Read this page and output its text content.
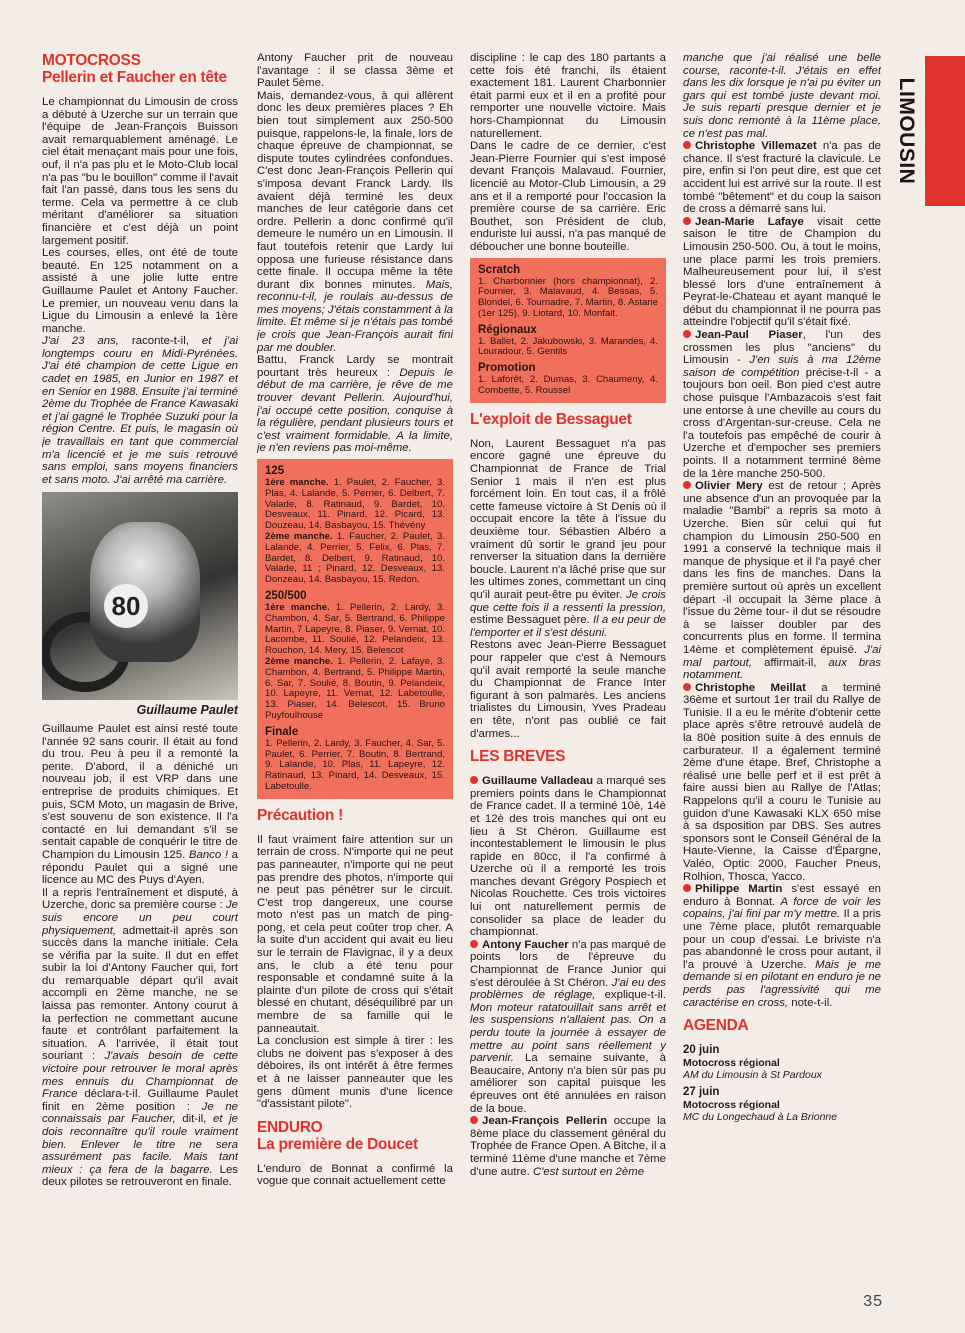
MOTOCROSS
Pellerin et Faucher en tête

Le championnat du Limousin de cross a débuté à Uzerche sur un terrain que l'équipe de Jean-François Buisson avait remarquablement aménagé. Le ciel était menaçant mais pour une fois, ouf, il n'a pas plu et le Moto-Club local n'a pas "bu le bouillon" comme il l'avait fait l'an passé, dans tous les sens du terme. Cela va permettre à ce club méritant d'améliorer sa situation financière et c'est déjà un point largement positif.

Les courses, elles, ont été de toute beauté. En 125 notamment on a assisté à une jolie lutte entre Guillaume Paulet et Antony Faucher. Le premier, un nouveau venu dans la Ligue du Limousin a enlevé la 1ère manche.

J'ai 23 ans, raconte-t-il, et j'ai longtemps couru en Midi-Pyrénées. J'ai été champion de cette Ligue en cadet en 1985, en Junior en 1987 et en Senior en 1988. Ensuite j'ai terminé 2ème du Trophée de France Kawasaki et j'ai gagné le Trophée Suzuki pour la région Centre. Et puis, le magasin où je travaillais en tant que commercial m'a licencié et je me suis retrouvé sans emploi, sans moyens financiers et sans moto. J'ai arrêté ma carrière.

80
Guillaume Paulet

Guillaume Paulet est ainsi resté toute l'année 92 sans courir. Il était au fond du trou. Peu à peu il a remonté la pente. D'abord, il a déniché un nouveau job, il est VRP dans une entreprise de produits chimiques. Et puis, SCM Moto, un magasin de Brive, s'est souvenu de son existence. Il l'a contacté en lui demandant s'il se sentait capable de conquérir le titre de Champion du Limousin 125. Banco ! a répondu Paulet qui a signé une licence au MC des Puys d'Ayen.

Il a repris l'entraînement et disputé, à Uzerche, donc sa première course : Je suis encore un peu court physiquement, admettait-il après son succès dans la manche initiale. Cela se vérifia par la suite. Il dut en effet subir la loi d'Antony Faucher qui, fort du remarquable départ qu'il avait accompli en 2ème manche, ne se laissa pas remonter. Antony courut à la perfection ne commettant aucune faute et contrôlant parfaitement la situation. A l'arrivée, il était tout souriant : J'avais besoin de cette victoire pour retrouver le moral après mes ennuis du Championnat de France déclara-t-il. Guillaume Paulet finit en 2ème position : Je ne connaissais par Faucher, dit-il, et je dois reconnaître qu'il roule vraiment bien. Enlever le titre ne sera assurément pas facile. Mais tant mieux : ça fera de la bagarre. Les deux pilotes se retrouveront en finale.

Antony Faucher prit de nouveau l'avantage : il se classa 3ème et Paulet 5ème.

Mais, demandez-vous, à qui allèrent donc les deux premières places ? Eh bien tout simplement aux 250-500 puisque, rappelons-le, la finale, lors de chaque épreuve de championnat, se dispute toutes cylindrées confondues. C'est donc Jean-François Pellerin qui s'imposa devant Franck Lardy. Ils avaient déjà terminé les deux manches de leur catégorie dans cet ordre. Pellerin a donc confirmé qu'il demeure le numéro un en Limousin. Il faut toutefois retenir que Lardy lui opposa une furieuse résistance dans cette finale. Il occupa même la tête durant dix bonnes minutes. Mais, reconnu-t-il, je roulais au-dessus de mes moyens; J'étais constamment à la limite. Et même si je n'étais pas tombé je crois que Jean-François aurait fini par me doubler.

Battu, Franck Lardy se montrait pourtant très heureux : Depuis le début de ma carrière, je rêve de me trouver devant Pellerin. Aujourd'hui, j'ai occupé cette position, conquise à la régulière, pendant plusieurs tours et c'est vraiment formidable. A la limite, je n'en reviens pas moi-même.

125
1ère manche. 1. Paulet, 2. Faucher, 3. Plas, 4. Lalande, 5. Perrier, 6. Delbert, 7. Valade, 8. Ratinaud, 9. Bardet, 10. Desveaux, 11. Pinard, 12. Picard, 13. Douzeau, 14. Basbayou, 15. Thévény
2ème manche. 1. Faucher, 2. Paulet, 3. Lalande, 4. Perrier, 5. Felix, 6. Plas, 7. Bardet, 8. Delbert, 9. Ratinaud, 10. Valade, 11 ; Pinard, 12. Desveaux, 13. Donzeau, 14. Basbayou, 15. Redon.
250/500
1ère manche. 1. Pellerin, 2. Lardy, 3. Chambon, 4. Sar, 5. Bertrand, 6. Philippe Martin, 7 Lapeyre, 8. Piaser, 9. Vernat, 10. Lacombe, 11. Soulié, 12. Pelandeix, 13. Rouchon, 14. Mery, 15. Belescot
2ème manche. 1. Pellerin, 2. Lafaye, 3. Chambon, 4. Bertrand, 5. Philippe Martin, 6. Sar, 7. Soulié, 8. Boutin, 9. Pelandeix, 10. Lapeyre, 11. Vernat, 12. Labetoulle, 13. Piaser, 14. Belescot, 15. Bruno Puyfoulhouse
Finale
1. Pellerin, 2. Lardy, 3. Faucher, 4. Sar, 5. Paulet, 6. Perrier, 7. Boutin, 8. Bertrand, 9. Lalande, 10. Plas, 11. Lapeyre, 12. Ratinaud, 13. Pinard, 14. Desveaux, 15. Labetoulle.
Précaution !

Il faut vraiment faire attention sur un terrain de cross. N'importe qui ne peut pas panneauter, n'importe qui ne peut pas prendre des photos, n'importe qui ne peut pas pénétrer sur le circuit. C'est trop dangereux, une course moto n'est pas un match de ping-pong, et cela peut coûter trop cher. A la suite d'un accident qui avait eu lieu sur le terrain de Flavignac, il y a deux ans, le club a été tenu pour responsable et condamné suite à la plainte d'un pilote de cross qui s'était blessé en chutant, déséquilibré par un membre de sa famille qui le panneautait.

La conclusion est simple à tirer : les clubs ne doivent pas s'exposer à des déboires, ils ont intérêt à être fermes et à ne laisser panneauter que les gens dûment munis d'une licence "d'assistant pilote".

ENDURO
La première de Doucet

L'enduro de Bonnat a confirmé la vogue que connait actuellement cette

discipline : le cap des 180 partants a cette fois été franchi, ils étaient exactement 181. Laurent Charbonnier était parmi eux et il en a profité pour remporter une nouvelle victoire. Mais hors-Championnat du Limousin naturellement.

Dans le cadre de ce dernier, c'est Jean-Pierre Fournier qui s'est imposé devant François Malavaud. Fournier, licencié au Motor-Club Limousin, a 29 ans et il a remporté pour l'occasion la première course de sa carrière. Eric Bouthet, son Président de club, enduriste lui aussi, n'a pas manqué de déboucher une bonne bouteille.

Scratch
1. Charbonnier (hors championnat), 2. Fournier, 3. Malavaud, 4. Bessas, 5. Blondel, 6. Tournadre, 7. Martin, 8. Astarie (1er 125), 9. Liotard, 10. Monfait.
Régionaux
1. Ballet, 2. Jakubowski, 3. Marandes, 4. Louradour, 5. Gentils
Promotion
1. Laforêt, 2. Dumas, 3. Chaumeny, 4. Combette, 5. Roussel
L'exploit de Bessaguet

Non, Laurent Bessaguet n'a pas encore gagné une épreuve du Championnat de France de Trial Senior 1 mais il n'en est plus forcément loin. En tout cas, il a frôlé cette fameuse victoire à St Denis où il occupait encore la tête à l'issue du deuxième tour. Sébastien Albéro a vraiment dû sortir le grand jeu pour renverser la situation dans la dernière boucle. Laurent n'a lâché prise que sur les ultimes zones, commettant un cinq qu'il aurait peut-être pu éviter. Je crois que cette fois il a ressenti la pression, estime Bessaguet père. Il a eu peur de l'emporter et il s'est désuni.

Restons avec Jean-Pierre Bessaguet pour rappeler que c'est à Nemours qu'il avait remporté la seule manche du Championnat de France Inter figurant à son palmarès. Les anciens trialistes du Limousin, Yves Pradeau en tête, n'ont pas oublié ce fait d'armes...

LES BREVES

Guillaume Valladeau a marqué ses premiers points dans le Championnat de France cadet. Il a terminé 10è, 14è et 12è des trois manches qui ont eu lieu à St Chéron. Guillaume est incontestablement le limousin le plus rapide en 80cc, il l'a confirmé à Uzerche où il a remporté les trois manches devant Grégory Pospiech et Nicolas Rouchette. Ces trois victoires lui ont naturellement permis de consolider sa place de leader du championnat.

Antony Faucher n'a pas marqué de points lors de l'épreuve du Championnat de France Junior qui s'est déroulée à St Chéron. J'ai eu des problèmes de réglage, explique-t-il. Mon moteur ratatouillait sans arrêt et les suspensions n'allaient pas. On a perdu toute la journée à essayer de mettre au point sans réellement y parvenir. La semaine suivante, à Beaucaire, Antony n'a bien sûr pas pu améliorer son capital puisque les épreuves ont été annulées en raison de la boue.

Jean-François Pellerin occupe la 8ème place du classement général du Trophée de France Open. A Bitche, il a terminé 11ème d'une manche et 7ème d'une autre. C'est surtout en 2ème

manche que j'ai réalisé une belle course, raconte-t-il. J'étais en effet dans les dix lorsque je n'ai pu éviter un gars qui est tombé juste devant moi. Je suis reparti presque dernier et je suis donc remonté à la 11ème place, ce n'est pas mal.

Christophe Villemazet n'a pas de chance. Il s'est fracturé la clavicule. Le pire, enfin si l'on peut dire, est que cet accident lui est arrivé sur la route. Il est tombé "bêtement" et du coup la saison de cross a démarré sans lui.

Jean-Marie Lafaye visait cette saison le titre de Champion du Limousin 250-500. Ou, à tout le moins, une place parmi les trois premiers. Malheureusement pour lui, il s'est blessé lors d'une entraînement à Peyrat-le-Chateau et ayant manqué le début du championnat il ne pourra pas atteindre l'objectif qu'il s'était fixé.

Jean-Paul Piaser, l'un des crossmen les plus "anciens" du Limousin - J'en suis à ma 12ème saison de compétition précise-t-il - a toujours bon oeil. Bon pied c'est autre chose puisque l'Ambazacois s'est fait une entorse à une cheville au cours du cross d'Argentan-sur-creuse. Cela ne l'a toutefois pas empêché de courir à Uzerche et d'empocher ses premiers points. Il a notamment terminé 8ème de la 1ère manche 250-500.

Olivier Mery est de retour ; Après une absence d'un an provoquée par la maladie "Bambi" a repris sa moto à Uzerche. Bien sûr celui qui fut champion du Limousin 250-500 en 1991 a conservé la technique mais il manque de physique et il l'a payé cher dans les fins de manches. Dans la première surtout où après un excellent départ -il occupait la 3ème place à l'issue du 2ème tour- il dut se résoudre à se laisser doubler par des concurrents plus en forme. Il termina 14ème et complètement épuisé. J'ai mal partout, affirmait-il, aux bras notamment.

Christophe Meillat a terminé 36ème et surtout 1er trail du Rallye de Tunisie. Il a eu le mérite d'obtenir cette place après s'être retrouvé audelà de la 80è position suite à des ennuis de carburateur. Il a également terminé 2ème d'une étape. Bref, Christophe a réalisé une belle perf et il est prêt à faire aussi bien au Rallye de l'Atlas; Rappelons qu'il a couru le Tunisie au guidon d'une Kawasaki KLX 650 mise à sa dsposition par DBS. Ses autres sponsors sont le Conseil Général de la Haute-Vienne, la Caisse d'Épargne, Valéo, Optic 2000, Faucher Pneus, Rolhion, Thoscа, Yacco.

Philippe Martin s'est essayé en enduro à Bonnat. A force de voir les copains, j'ai fini par m'y mettre. Il a pris une 7ème place, plutôt remarquable pour un coup d'essai. Le briviste n'a pas abandonné le cross pour autant, il l'a prouvé à Uzerche. Mais je me demande si en pilotant en enduro je ne perds pas l'agressivité qui me caractérise en cross, note-t-il.

AGENDA
20 juin
Motocross régional
AM du Limousin à St Pardoux
27 juin
Motocross régional
MC du Longechaud à La Brionne
LIMOUSIN
35
